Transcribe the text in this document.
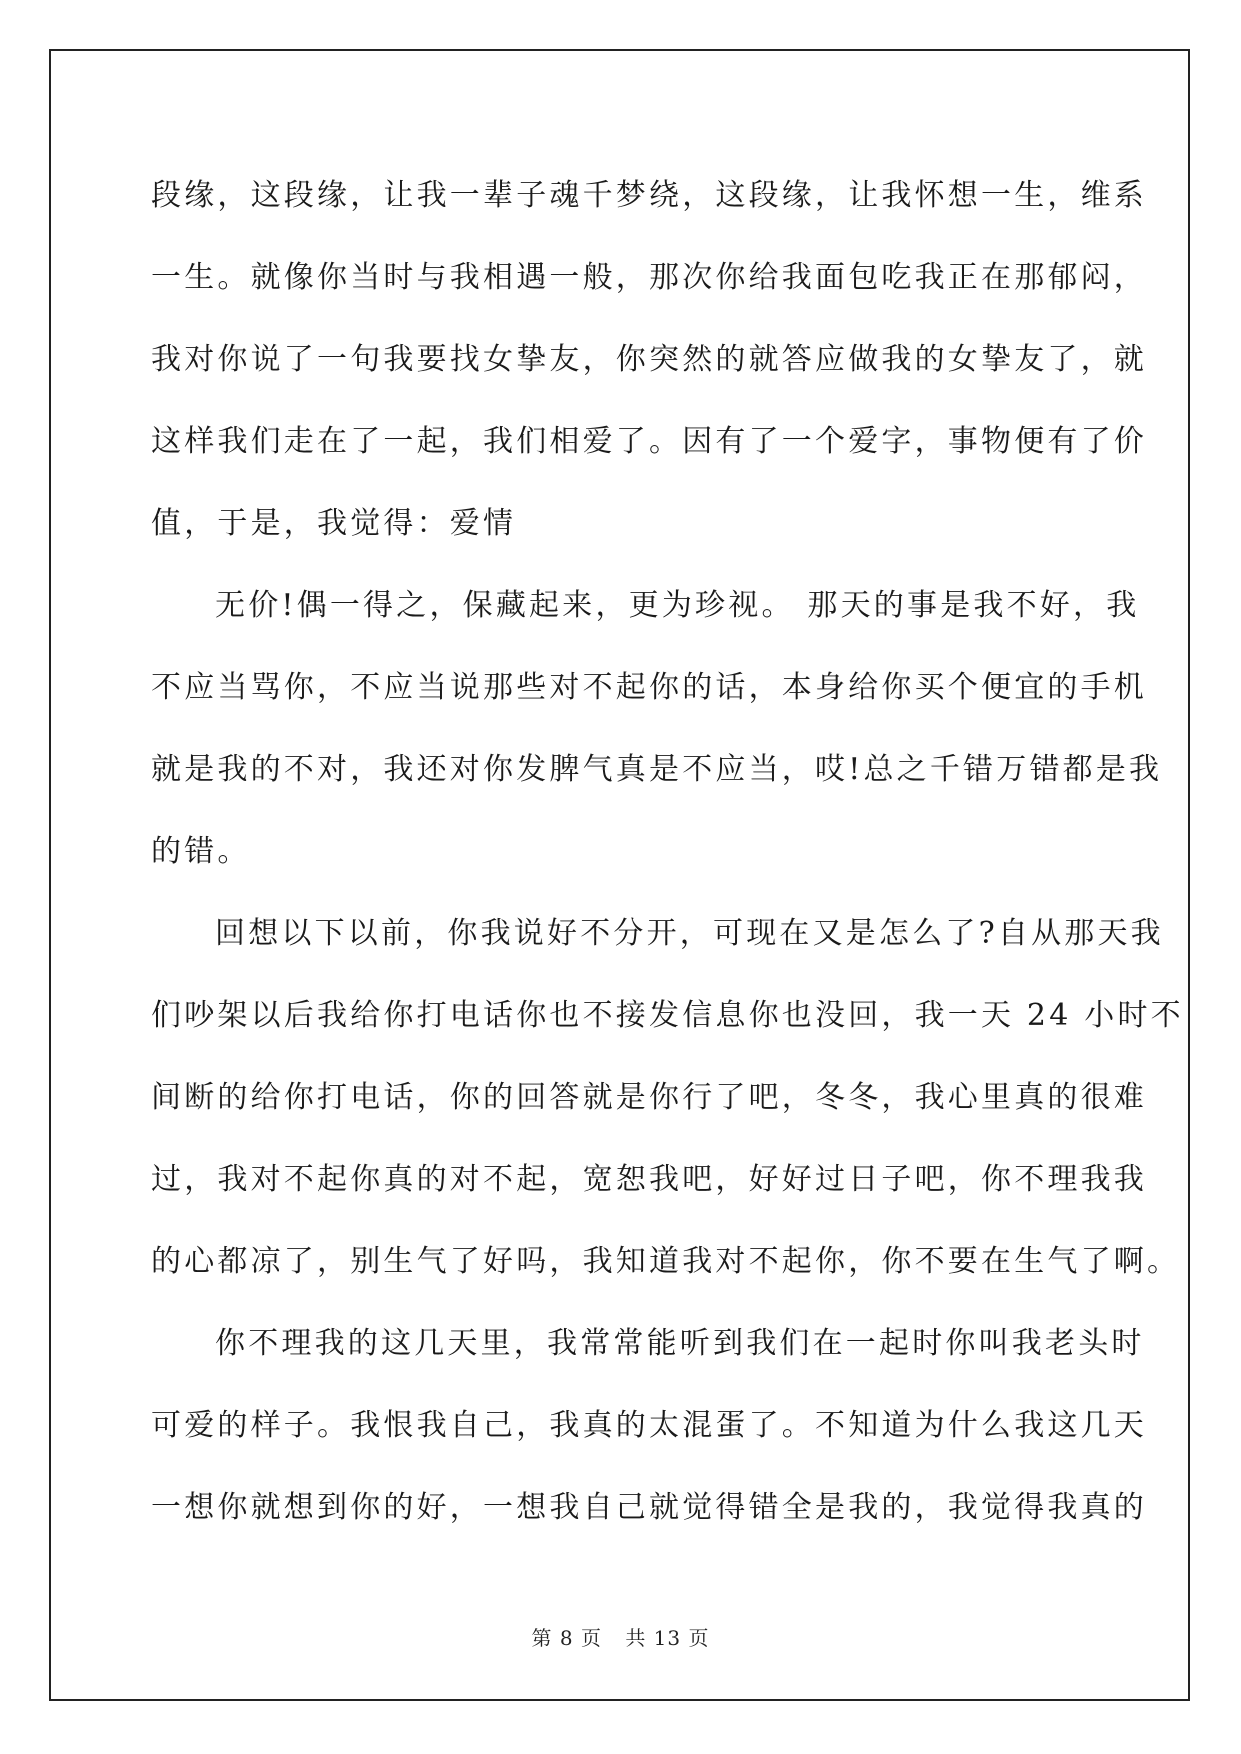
段缘，这段缘，让我一辈子魂千梦绕，这段缘，让我怀想一生，维系
一生。就像你当时与我相遇一般，那次你给我面包吃我正在那郁闷，
我对你说了一句我要找女挚友，你突然的就答应做我的女挚友了，就
这样我们走在了一起，我们相爱了。因有了一个爱字，事物便有了价
值，于是，我觉得：爱情
无价!偶一得之，保藏起来，更为珍视。 那天的事是我不好，我
不应当骂你，不应当说那些对不起你的话，本身给你买个便宜的手机
就是我的不对，我还对你发脾气真是不应当，哎!总之千错万错都是我
的错。
回想以下以前，你我说好不分开，可现在又是怎么了?自从那天我
们吵架以后我给你打电话你也不接发信息你也没回，我一天 24 小时不
间断的给你打电话，你的回答就是你行了吧，冬冬，我心里真的很难
过，我对不起你真的对不起，宽恕我吧，好好过日子吧，你不理我我
的心都凉了，别生气了好吗，我知道我对不起你，你不要在生气了啊。
你不理我的这几天里，我常常能听到我们在一起时你叫我老头时
可爱的样子。我恨我自己，我真的太混蛋了。不知道为什么我这几天
一想你就想到你的好，一想我自己就觉得错全是我的，我觉得我真的
第 8 页 共 13 页
